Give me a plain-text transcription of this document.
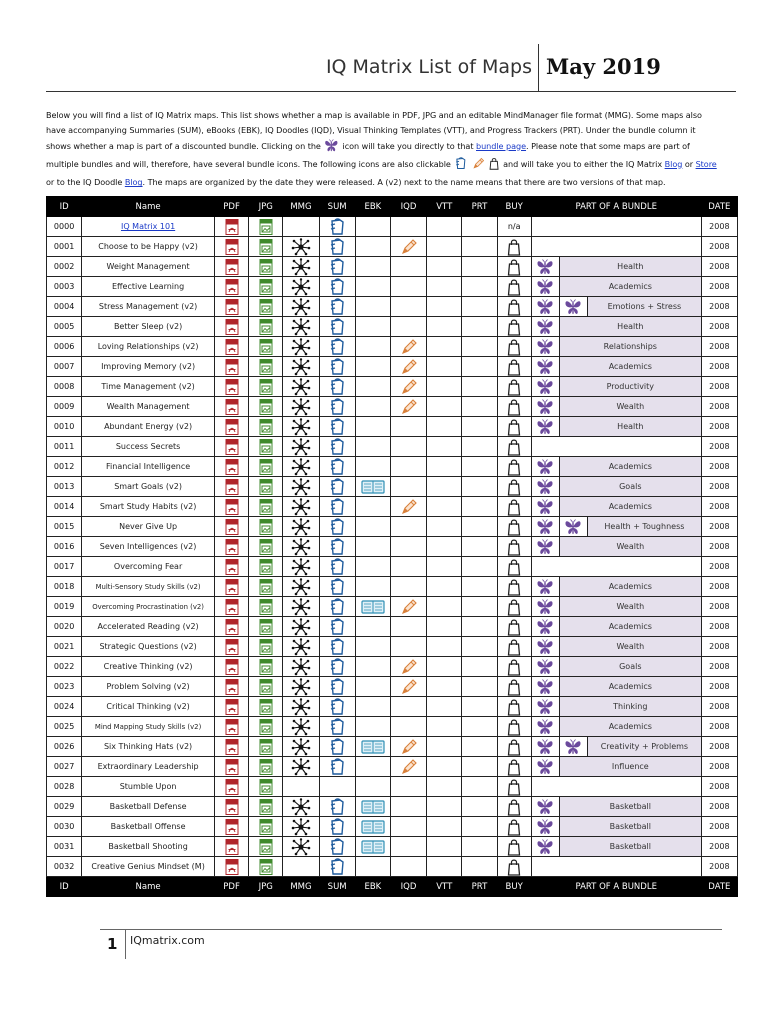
IQ Matrix List of Maps May 2019
Below you will find a list of IQ Matrix maps. This list shows whether a map is available in PDF, JPG and an editable MindManager file format (MMG). Some maps also have accompanying Summaries (SUM), eBooks (EBK), IQ Doodles (IQD), Visual Thinking Templates (VTT), and Progress Trackers (PRT). Under the bundle column it shows whether a map is part of a discounted bundle. Clicking on the	icon will take you directly to that bundle page. Please note that some maps are part of multiple bundles and will, therefore, have several bundle icons. The following icons are also clickable	and will take you to either the IQ Matrix Blog or Store or to the IQ Doodle Blog. The maps are organized by the date they were released. A (v2) next to the name means that there are two versions of that map.
ID	Name	PDF	JPG	MMG	SUM	EBK	IQD	VTT	PRT	BUY	PART OF A BUNDLE			DATE
0000	IQ Matrix 101									n/a				2008
0001	Choose to be Happy (v2)													2008
0002	Weight Management											Health		2008
0003	Effective Learning											Academics		2008
0004	Stress Management (v2)												Emotions + Stress	2008
0005	Better Sleep (v2)											Health		2008
0006	Loving Relationships (v2)											Relationships		2008
0007	Improving Memory (v2)											Academics		2008
0008	Time Management (v2)											Productivity		2008
0009	Wealth Management											Wealth		2008
0010	Abundant Energy (v2)											Health		2008
0011	Success Secrets													2008
0012	Financial Intelligence											Academics		2008
0013	Smart Goals (v2)											Goals		2008
0014	Smart Study Habits (v2)											Academics		2008
0015	Never Give Up												Health + Toughness	2008
0016	Seven Intelligences (v2)											Wealth		2008
0017	Overcoming Fear													2008
0018	Multi-Sensory Study Skills (v2)											Academics		2008
0019	Overcoming Procrastination (v2)											Wealth		2008
0020	Accelerated Reading (v2)											Academics		2008
0021	Strategic Questions (v2)											Wealth		2008
0022	Creative Thinking (v2)											Goals		2008
0023	Problem Solving (v2)											Academics		2008
0024	Critical Thinking (v2)											Thinking		2008
0025	Mind Mapping Study Skills (v2)											Academics		2008
0026	Six Thinking Hats (v2)												Creativity + Problems	2008
0027	Extraordinary Leadership											Influence		2008
0028	Stumble Upon													2008
0029	Basketball Defense											Basketball		2008
0030	Basketball Offense											Basketball		2008
0031	Basketball Shooting											Basketball		2008
0032	Creative Genius Mindset (M)													2008
ID	Name	PDF	JPG	MMG	SUM	EBK	IQD	VTT	PRT	BUY	PART OF A BUNDLE			DATE
1 IQmatrix.com
